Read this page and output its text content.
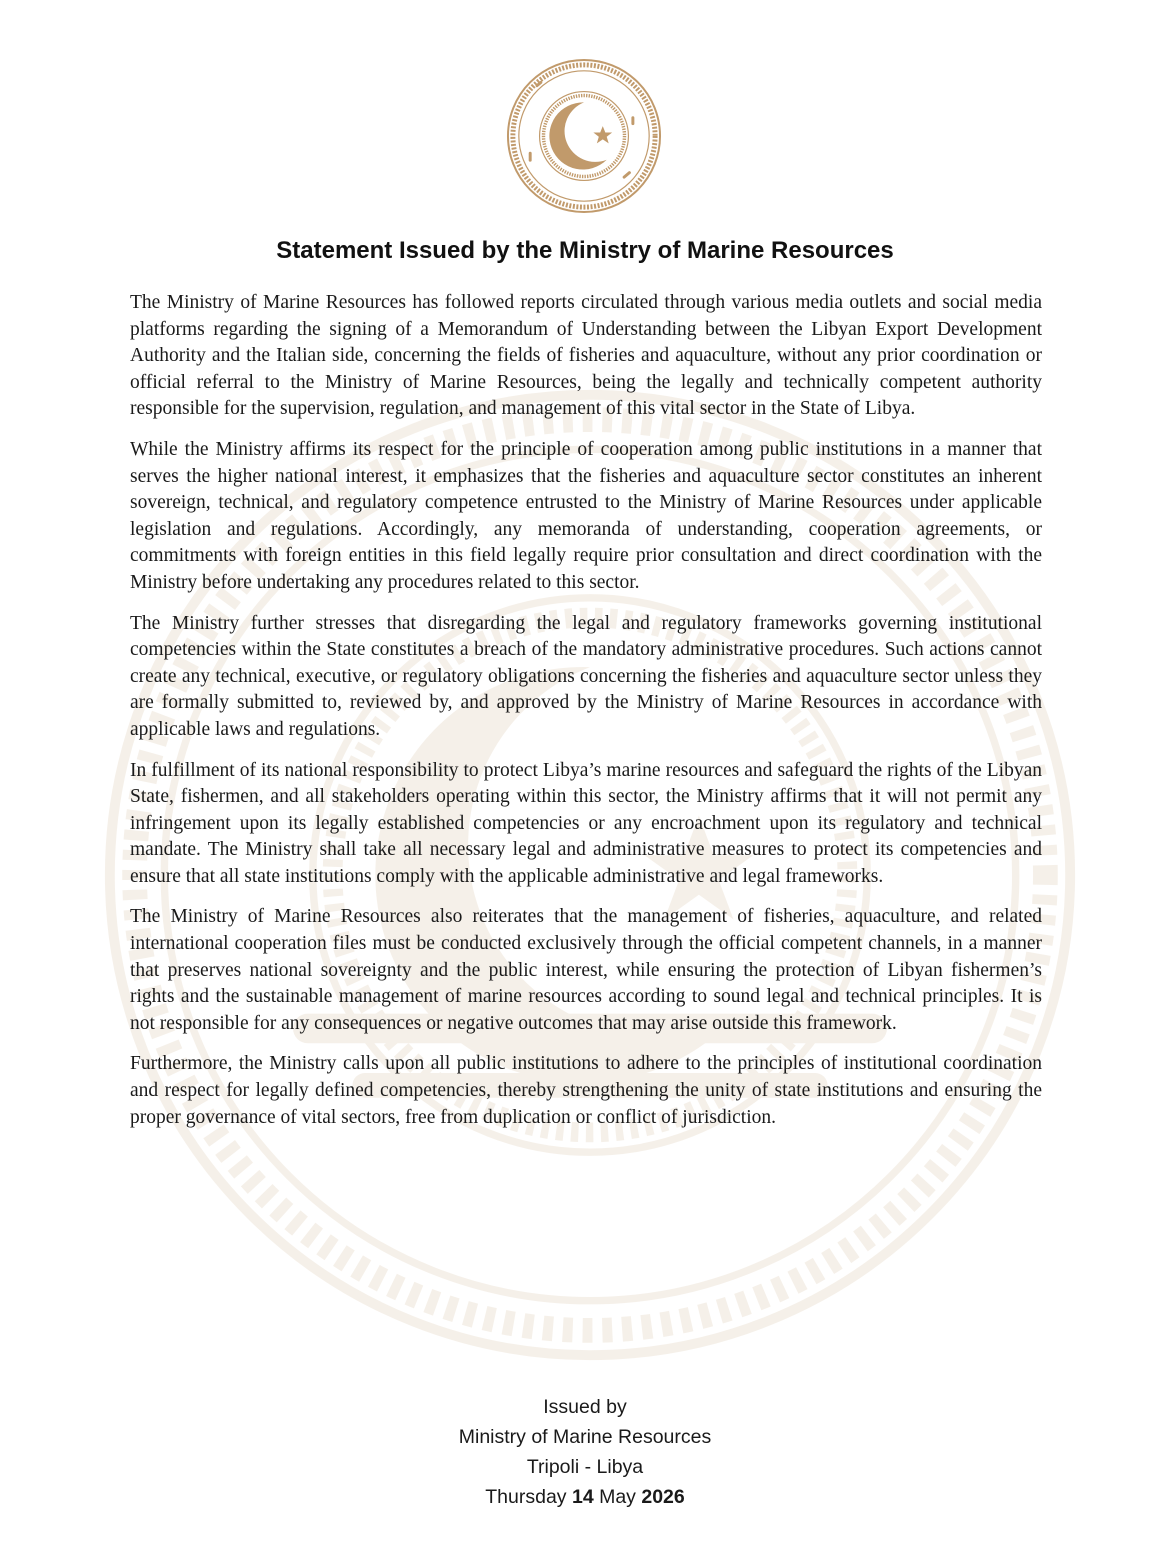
Statement Issued by the Ministry of Marine Resources

The Ministry of Marine Resources has followed reports circulated through various media outlets and social media platforms regarding the signing of a Memorandum of Understanding between the Libyan Export Development Authority and the Italian side, concerning the fields of fisheries and aquaculture, without any prior coordination or official referral to the Ministry of Marine Resources, being the legally and technically competent authority responsible for the supervision, regulation, and management of this vital sector in the State of Libya.

While the Ministry affirms its respect for the principle of cooperation among public institutions in a manner that serves the higher national interest, it emphasizes that the fisheries and aquaculture sector constitutes an inherent sovereign, technical, and regulatory competence entrusted to the Ministry of Marine Resources under applicable legislation and regulations. Accordingly, any memoranda of understanding, cooperation agreements, or commitments with foreign entities in this field legally require prior consultation and direct coordination with the Ministry before undertaking any procedures related to this sector.

The Ministry further stresses that disregarding the legal and regulatory frameworks governing institutional competencies within the State constitutes a breach of the mandatory administrative procedures. Such actions cannot create any technical, executive, or regulatory obligations concerning the fisheries and aquaculture sector unless they are formally submitted to, reviewed by, and approved by the Ministry of Marine Resources in accordance with applicable laws and regulations.

In fulfillment of its national responsibility to protect Libya’s marine resources and safeguard the rights of the Libyan State, fishermen, and all stakeholders operating within this sector, the Ministry affirms that it will not permit any infringement upon its legally established competencies or any encroachment upon its regulatory and technical mandate. The Ministry shall take all necessary legal and administrative measures to protect its competencies and ensure that all state institutions comply with the applicable administrative and legal frameworks.

The Ministry of Marine Resources also reiterates that the management of fisheries, aquaculture, and related international cooperation files must be conducted exclusively through the official competent channels, in a manner that preserves national sovereignty and the public interest, while ensuring the protection of Libyan fishermen’s rights and the sustainable management of marine resources according to sound legal and technical principles. It is not responsible for any consequences or negative outcomes that may arise outside this framework.

Furthermore, the Ministry calls upon all public institutions to adhere to the principles of institutional coordination and respect for legally defined competencies, thereby strengthening the unity of state institutions and ensuring the proper governance of vital sectors, free from duplication or conflict of jurisdiction.

Issued by
Ministry of Marine Resources
Tripoli - Libya
Thursday 14 May 2026
